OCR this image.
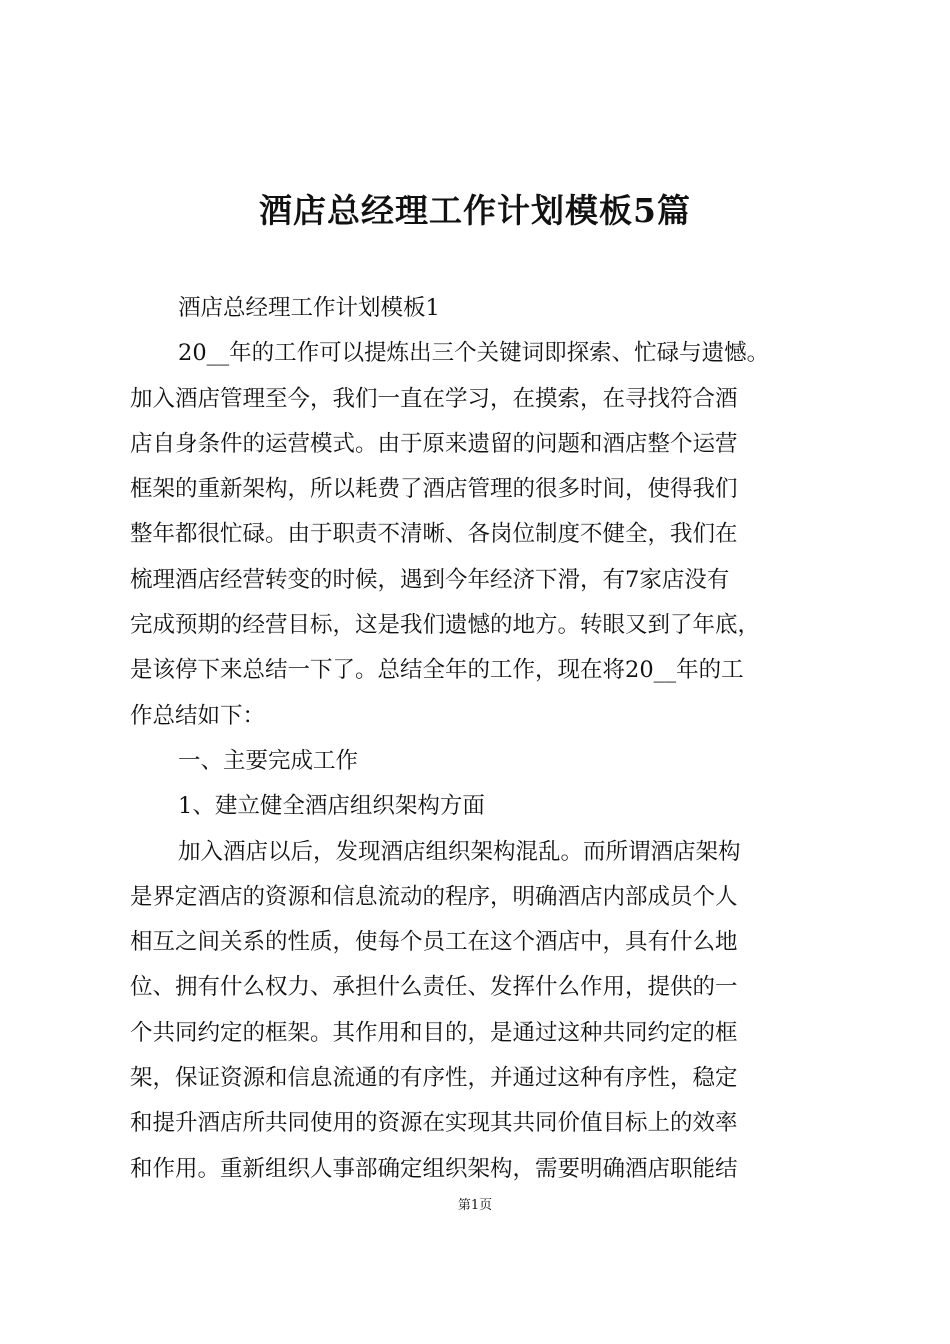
酒店总经理工作计划模板5篇
酒店总经理工作计划模板1
20__年的工作可以提炼出三个关键词即探索、忙碌与遗憾。
加入酒店管理至今，我们一直在学习，在摸索，在寻找符合酒
店自身条件的运营模式。由于原来遗留的问题和酒店整个运营
框架的重新架构，所以耗费了酒店管理的很多时间，使得我们
整年都很忙碌。由于职责不清晰、各岗位制度不健全，我们在
梳理酒店经营转变的时候，遇到今年经济下滑，有7家店没有
完成预期的经营目标，这是我们遗憾的地方。转眼又到了年底，
是该停下来总结一下了。总结全年的工作，现在将20__年的工
作总结如下：
一、主要完成工作
1、建立健全酒店组织架构方面
加入酒店以后，发现酒店组织架构混乱。而所谓酒店架构
是界定酒店的资源和信息流动的程序，明确酒店内部成员个人
相互之间关系的性质，使每个员工在这个酒店中，具有什么地
位、拥有什么权力、承担什么责任、发挥什么作用，提供的一
个共同约定的框架。其作用和目的，是通过这种共同约定的框
架，保证资源和信息流通的有序性，并通过这种有序性，稳定
和提升酒店所共同使用的资源在实现其共同价值目标上的效率
和作用。重新组织人事部确定组织架构，需要明确酒店职能结
第1页
